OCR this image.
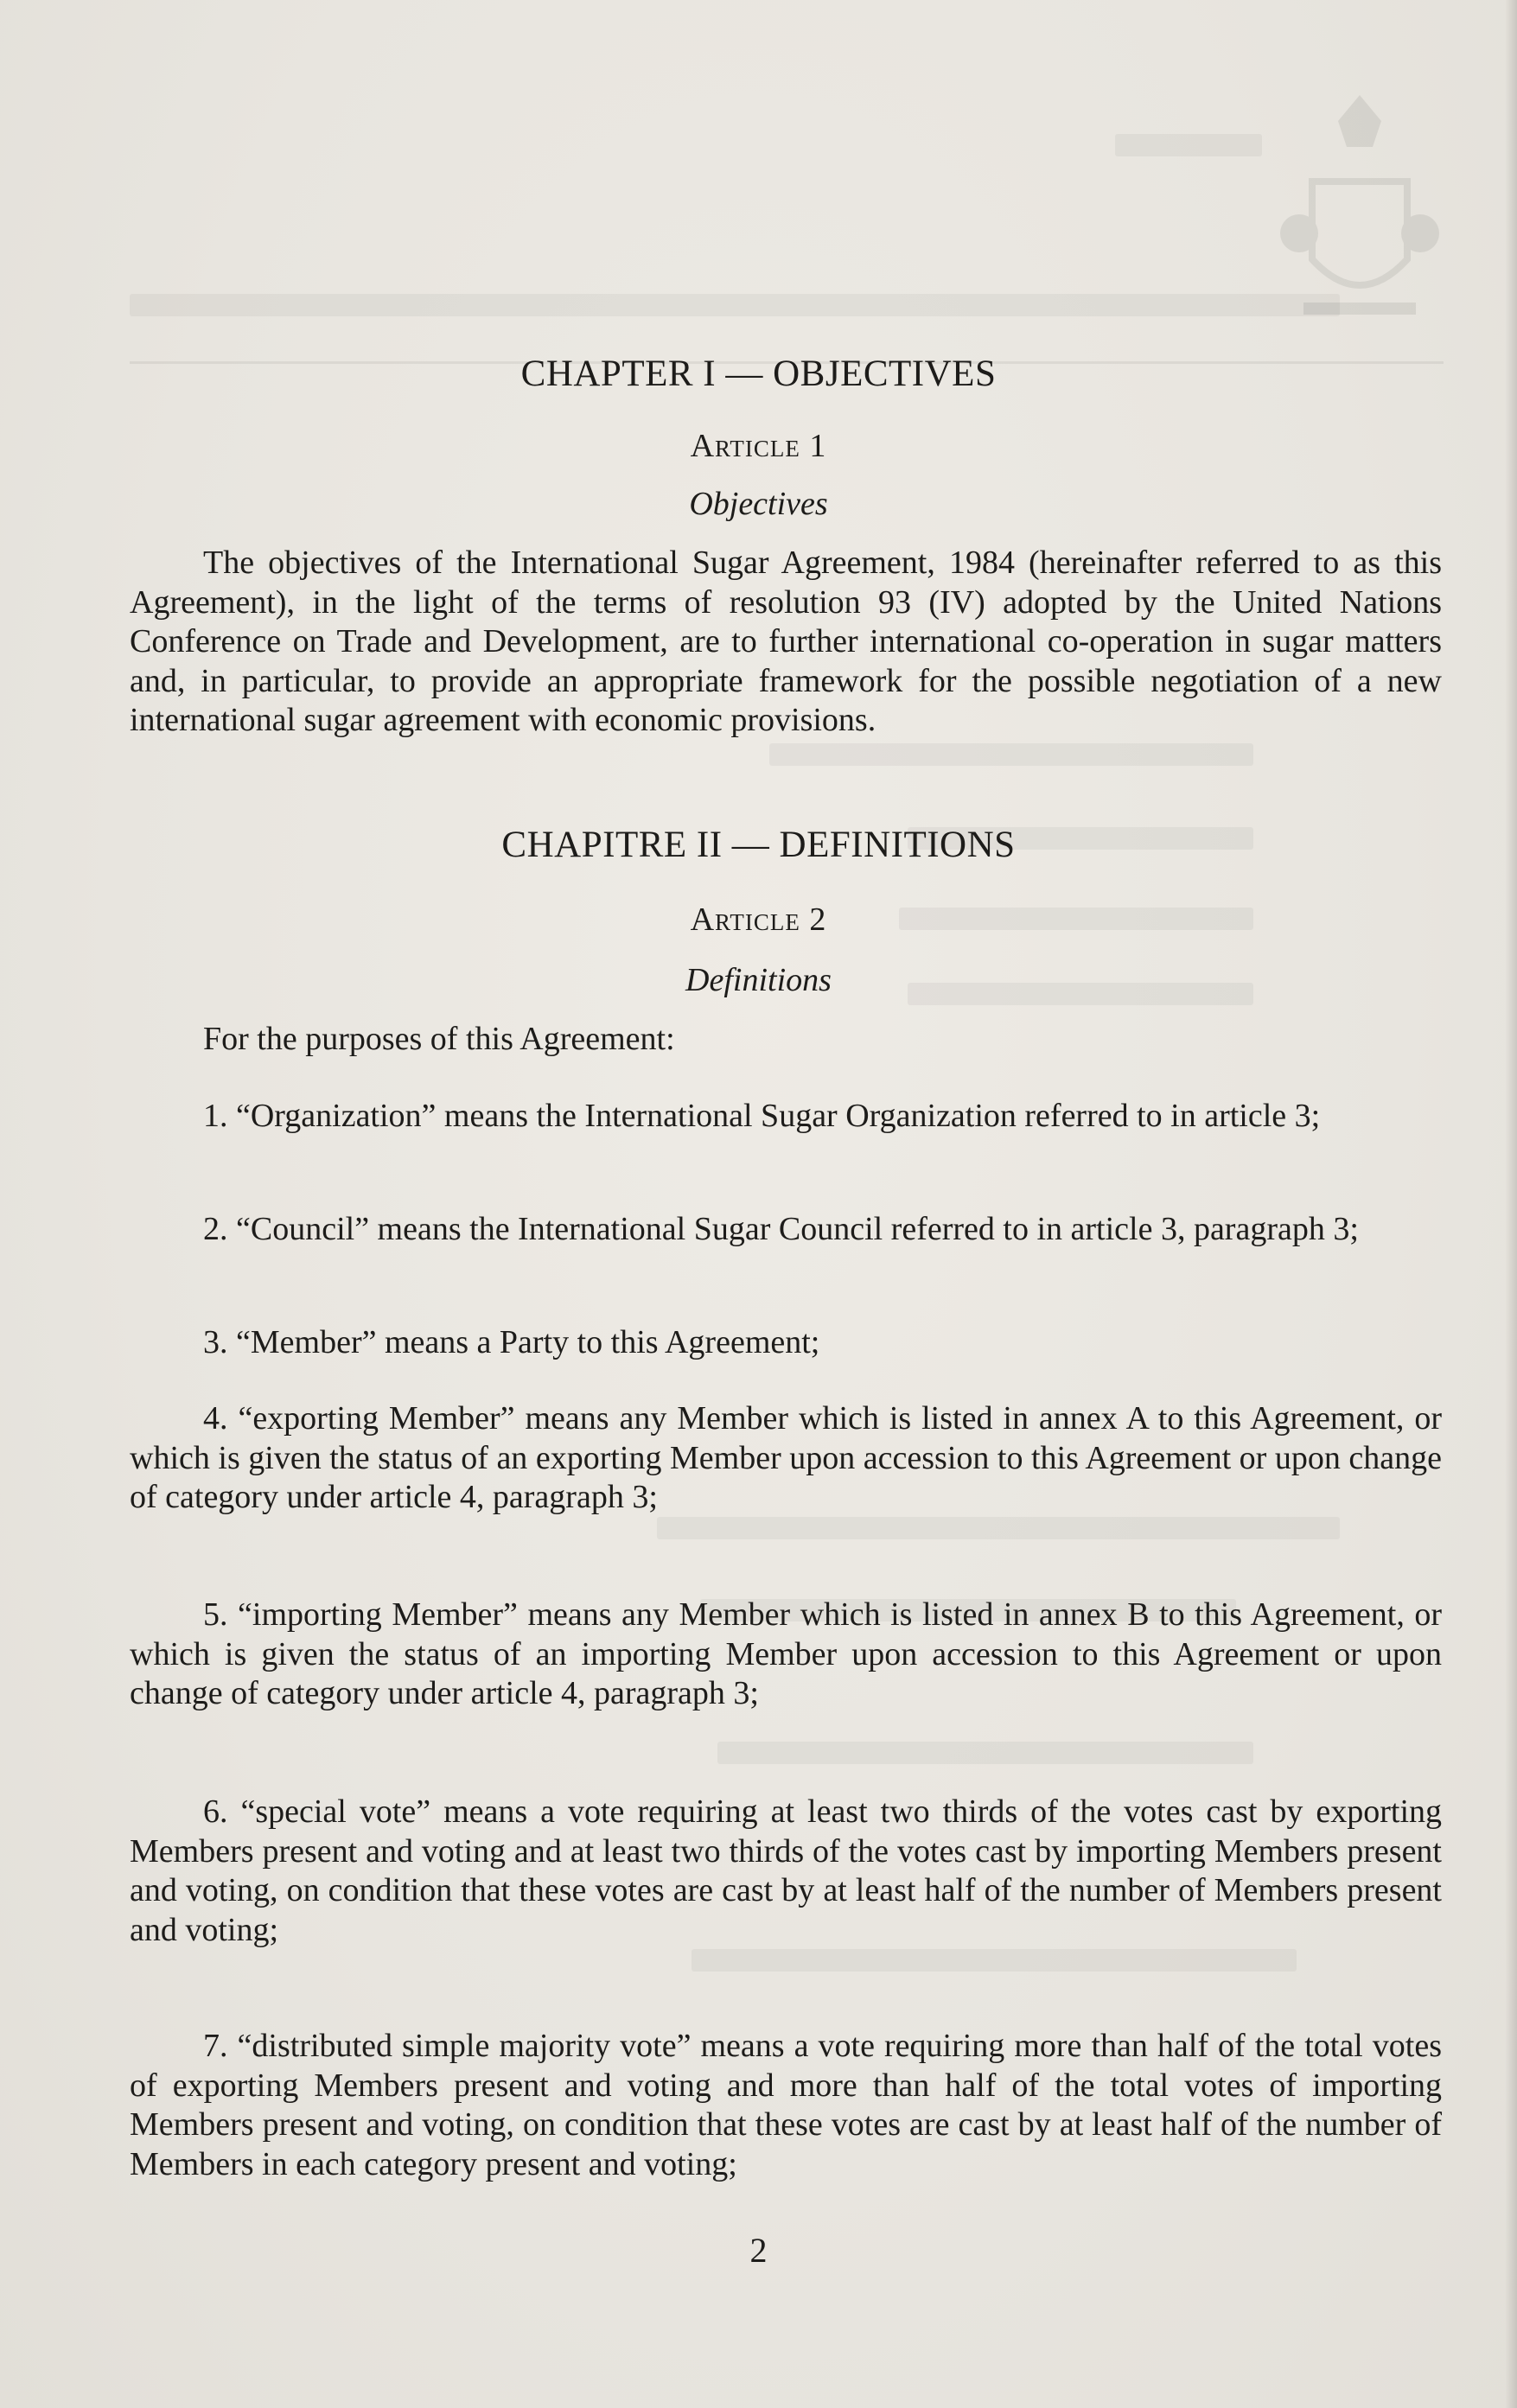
CHAPTER I — OBJECTIVES
Article 1
Objectives

The objectives of the International Sugar Agreement, 1984 (hereinafter referred to as this Agreement), in the light of the terms of resolution 93 (IV) adopted by the United Nations Conference on Trade and Development, are to further international co-operation in sugar matters and, in particular, to provide an appropriate framework for the possible negotiation of a new international sugar agreement with economic provisions.

CHAPITRE II — DEFINITIONS
Article 2
Definitions

For the purposes of this Agreement:

1. “Organization” means the International Sugar Organization referred to in article 3;

2. “Council” means the International Sugar Council referred to in article 3, paragraph 3;

3. “Member” means a Party to this Agreement;

4. “exporting Member” means any Member which is listed in annex A to this Agreement, or which is given the status of an exporting Member upon accession to this Agreement or upon change of category under article 4, paragraph 3;

5. “importing Member” means any Member which is listed in annex B to this Agreement, or which is given the status of an importing Member upon accession to this Agreement or upon change of category under article 4, paragraph 3;

6. “special vote” means a vote requiring at least two thirds of the votes cast by exporting Members present and voting and at least two thirds of the votes cast by importing Members present and voting, on condition that these votes are cast by at least half of the number of Members present and voting;

7. “distributed simple majority vote” means a vote requiring more than half of the total votes of exporting Members present and voting and more than half of the total votes of importing Members present and voting, on condition that these votes are cast by at least half of the number of Members in each category present and voting;

2
